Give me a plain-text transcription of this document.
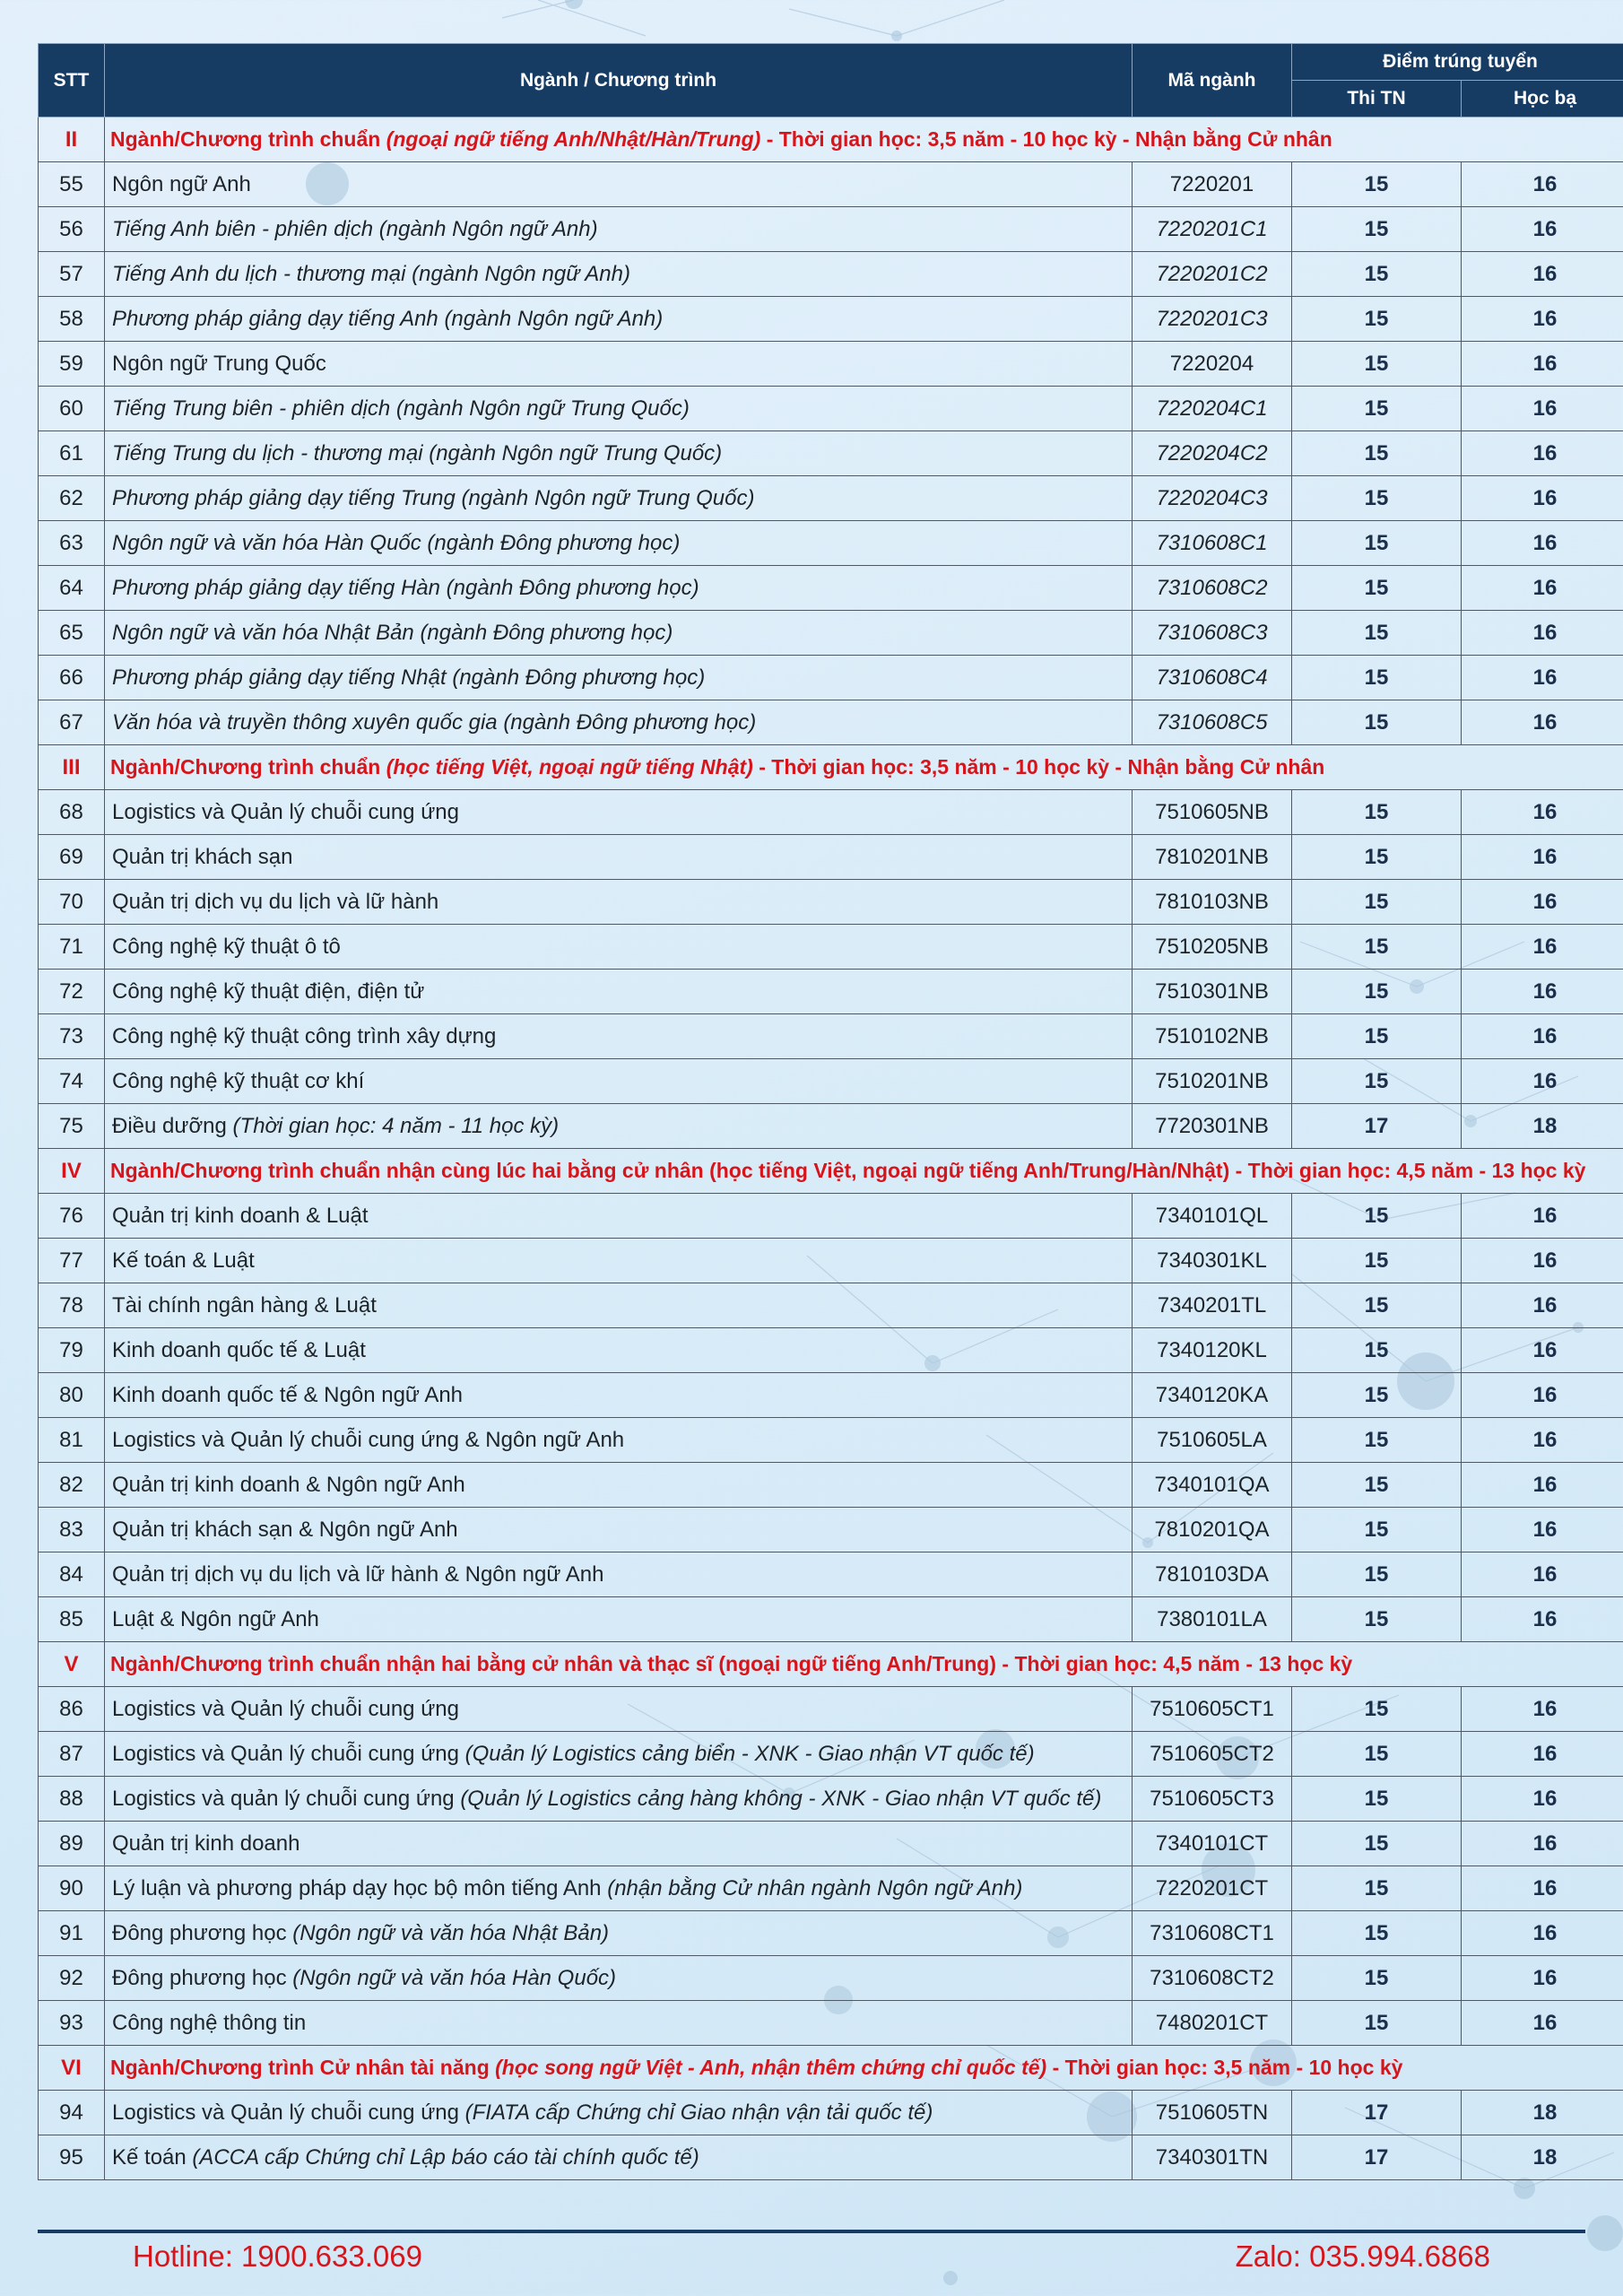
STT	Ngành / Chương trình	Mã ngành	Điểm trúng tuyển	
			Thi TN	Học bạ
II	Ngành/Chương trình chuẩn (ngoại ngữ tiếng Anh/Nhật/Hàn/Trung) - Thời gian học: 3,5 năm - 10 học kỳ - Nhận bằng Cử nhân			
55	Ngôn ngữ Anh	7220201	15	16
56	Tiếng Anh biên - phiên dịch (ngành Ngôn ngữ Anh)	7220201C1	15	16
57	Tiếng Anh du lịch - thương mại (ngành Ngôn ngữ Anh)	7220201C2	15	16
58	Phương pháp giảng dạy tiếng Anh (ngành Ngôn ngữ Anh)	7220201C3	15	16
59	Ngôn ngữ Trung Quốc	7220204	15	16
60	Tiếng Trung biên - phiên dịch (ngành Ngôn ngữ Trung Quốc)	7220204C1	15	16
61	Tiếng Trung du lịch - thương mại (ngành Ngôn ngữ Trung Quốc)	7220204C2	15	16
62	Phương pháp giảng dạy tiếng Trung (ngành Ngôn ngữ Trung Quốc)	7220204C3	15	16
63	Ngôn ngữ và văn hóa Hàn Quốc (ngành Đông phương học)	7310608C1	15	16
64	Phương pháp giảng dạy tiếng Hàn (ngành Đông phương học)	7310608C2	15	16
65	Ngôn ngữ và văn hóa Nhật Bản (ngành Đông phương học)	7310608C3	15	16
66	Phương pháp giảng dạy tiếng Nhật (ngành Đông phương học)	7310608C4	15	16
67	Văn hóa và truyền thông xuyên quốc gia (ngành Đông phương học)	7310608C5	15	16
III	Ngành/Chương trình chuẩn (học tiếng Việt, ngoại ngữ tiếng Nhật) - Thời gian học: 3,5 năm - 10 học kỳ - Nhận bằng Cử nhân			
68	Logistics và Quản lý chuỗi cung ứng	7510605NB	15	16
69	Quản trị khách sạn	7810201NB	15	16
70	Quản trị dịch vụ du lịch và lữ hành	7810103NB	15	16
71	Công nghệ kỹ thuật ô tô	7510205NB	15	16
72	Công nghệ kỹ thuật điện, điện tử	7510301NB	15	16
73	Công nghệ kỹ thuật công trình xây dựng	7510102NB	15	16
74	Công nghệ kỹ thuật cơ khí	7510201NB	15	16
75	Điều dưỡng (Thời gian học: 4 năm - 11 học kỳ)	7720301NB	17	18
IV	Ngành/Chương trình chuẩn nhận cùng lúc hai bằng cử nhân (học tiếng Việt, ngoại ngữ tiếng Anh/Trung/Hàn/Nhật) - Thời gian học: 4,5 năm - 13 học kỳ			
76	Quản trị kinh doanh & Luật	7340101QL	15	16
77	Kế toán & Luật	7340301KL	15	16
78	Tài chính ngân hàng & Luật	7340201TL	15	16
79	Kinh doanh quốc tế & Luật	7340120KL	15	16
80	Kinh doanh quốc tế & Ngôn ngữ Anh	7340120KA	15	16
81	Logistics và Quản lý chuỗi cung ứng & Ngôn ngữ Anh	7510605LA	15	16
82	Quản trị kinh doanh & Ngôn ngữ Anh	7340101QA	15	16
83	Quản trị khách sạn & Ngôn ngữ Anh	7810201QA	15	16
84	Quản trị dịch vụ du lịch và lữ hành & Ngôn ngữ Anh	7810103DA	15	16
85	Luật & Ngôn ngữ Anh	7380101LA	15	16
V	Ngành/Chương trình chuẩn nhận hai bằng cử nhân và thạc sĩ (ngoại ngữ tiếng Anh/Trung) - Thời gian học: 4,5 năm - 13 học kỳ			
86	Logistics và Quản lý chuỗi cung ứng	7510605CT1	15	16
87	Logistics và Quản lý chuỗi cung ứng (Quản lý Logistics cảng biển - XNK - Giao nhận VT quốc tế)	7510605CT2	15	16
88	Logistics và quản lý chuỗi cung ứng (Quản lý Logistics cảng hàng không - XNK - Giao nhận VT quốc tế)	7510605CT3	15	16
89	Quản trị kinh doanh	7340101CT	15	16
90	Lý luận và phương pháp dạy học bộ môn tiếng Anh (nhận bằng Cử nhân ngành Ngôn ngữ Anh)	7220201CT	15	16
91	Đông phương học (Ngôn ngữ và văn hóa Nhật Bản)	7310608CT1	15	16
92	Đông phương học (Ngôn ngữ và văn hóa Hàn Quốc)	7310608CT2	15	16
93	Công nghệ thông tin	7480201CT	15	16
VI	Ngành/Chương trình Cử nhân tài năng (học song ngữ Việt - Anh, nhận thêm chứng chỉ quốc tế) - Thời gian học: 3,5 năm - 10 học kỳ			
94	Logistics và Quản lý chuỗi cung ứng (FIATA cấp Chứng chỉ Giao nhận vận tải quốc tế)	7510605TN	17	18
95	Kế toán (ACCA cấp Chứng chỉ Lập báo cáo tài chính quốc tế)	7340301TN	17	18
Hotline: 1900.633.069	Zalo: 035.994.6868
